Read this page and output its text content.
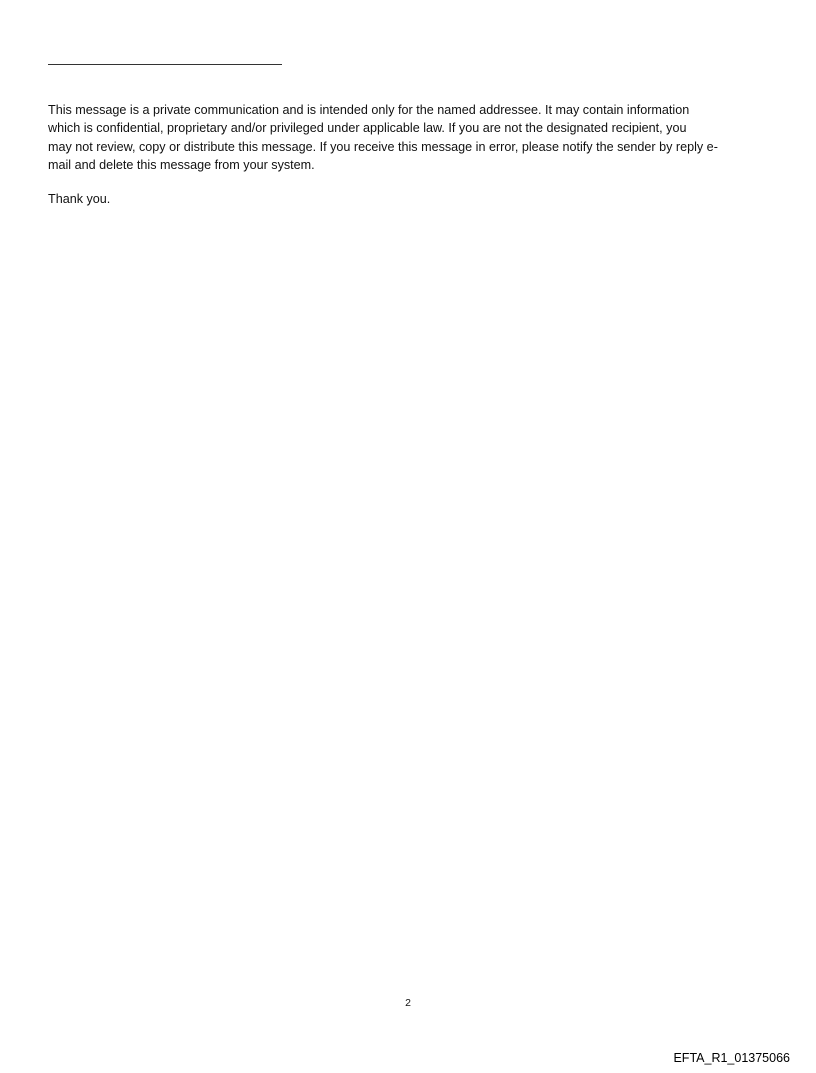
This message is a private communication and is intended only for the named addressee. It may contain information
which is confidential, proprietary and/or privileged under applicable law. If you are not the designated recipient, you
may not review, copy or distribute this message. If you receive this message in error, please notify the sender by reply e-
mail and delete this message from your system.

Thank you.

2
EFTA_R1_01375066
